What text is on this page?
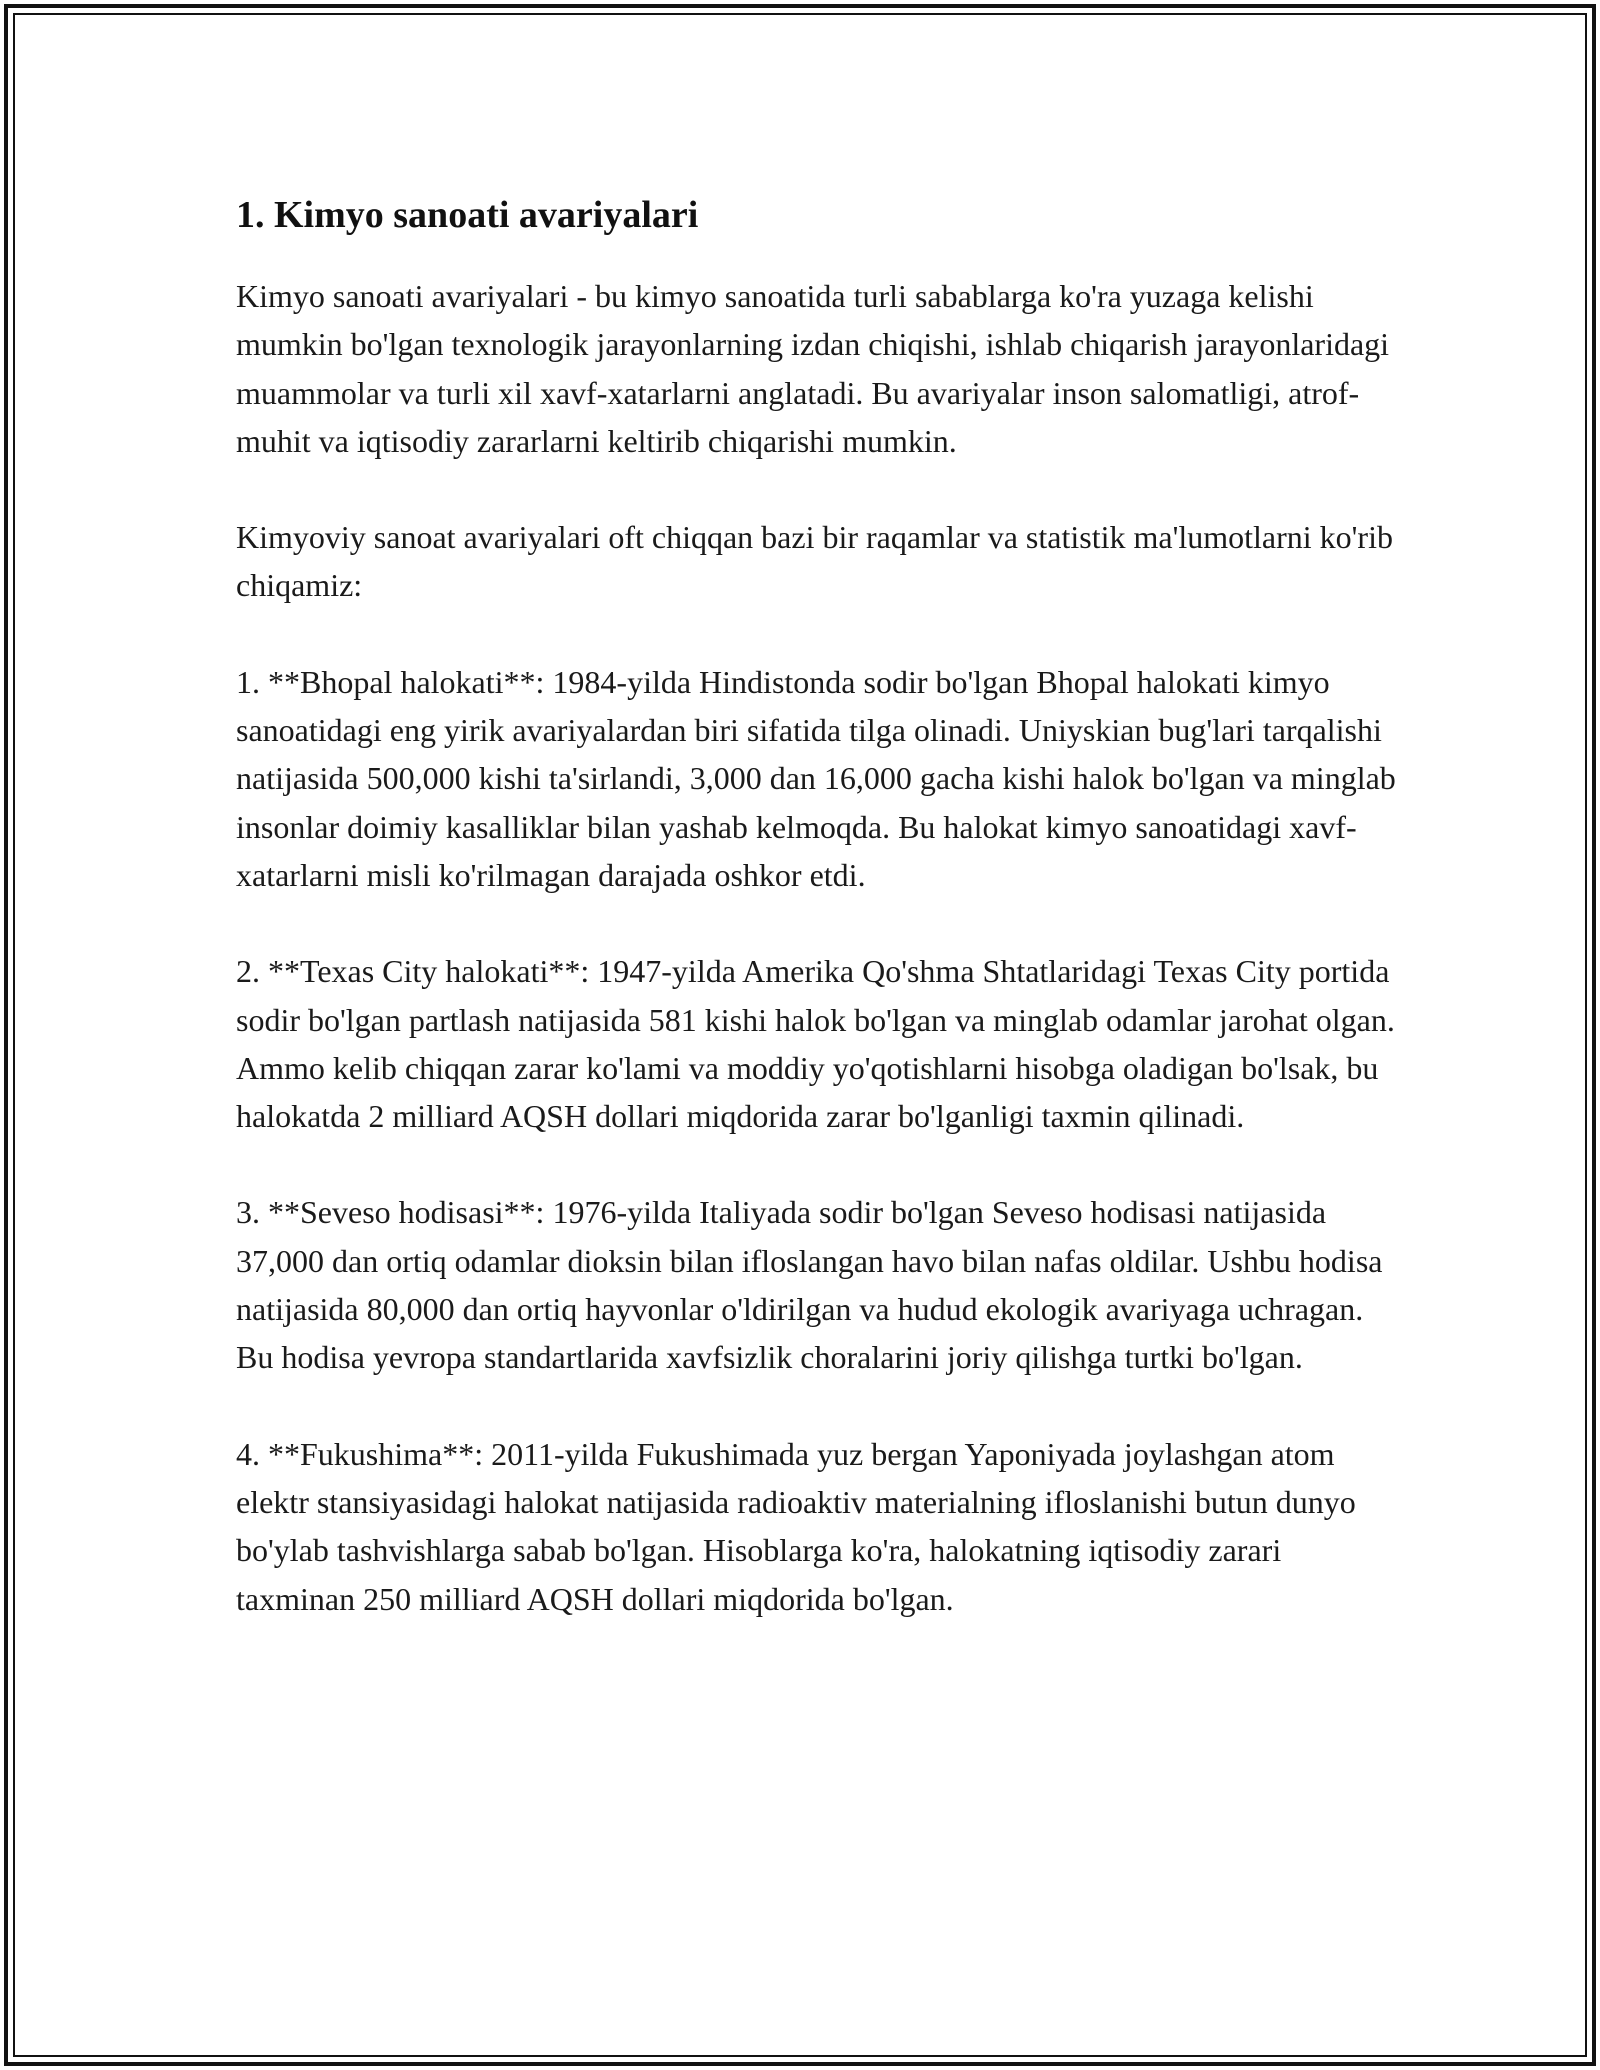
1. Kimyo sanoati avariyalari

Kimyo sanoati avariyalari - bu kimyo sanoatida turli sabablarga ko'ra yuzaga kelishi mumkin bo'lgan texnologik jarayonlarning izdan chiqishi, ishlab chiqarish jarayonlaridagi muammolar va turli xil xavf-xatarlarni anglatadi. Bu avariyalar inson salomatligi, atrof-muhit va iqtisodiy zararlarni keltirib chiqarishi mumkin.

Kimyoviy sanoat avariyalari oft chiqqan bazi bir raqamlar va statistik ma'lumotlarni ko'rib chiqamiz:

1. **Bhopal halokati**: 1984-yilda Hindistonda sodir bo'lgan Bhopal halokati kimyo sanoatidagi eng yirik avariyalardan biri sifatida tilga olinadi. Uniyskian bug'lari tarqalishi natijasida 500,000 kishi ta'sirlandi, 3,000 dan 16,000 gacha kishi halok bo'lgan va minglab insonlar doimiy kasalliklar bilan yashab kelmoqda. Bu halokat kimyo sanoatidagi xavf-xatarlarni misli ko'rilmagan darajada oshkor etdi.

2. **Texas City halokati**: 1947-yilda Amerika Qo'shma Shtatlaridagi Texas City portida sodir bo'lgan partlash natijasida 581 kishi halok bo'lgan va minglab odamlar jarohat olgan. Ammo kelib chiqqan zarar ko'lami va moddiy yo'qotishlarni hisobga oladigan bo'lsak, bu halokatda 2 milliard AQSH dollari miqdorida zarar bo'lganligi taxmin qilinadi.

3. **Seveso hodisasi**: 1976-yilda Italiyada sodir bo'lgan Seveso hodisasi natijasida 37,000 dan ortiq odamlar dioksin bilan ifloslangan havo bilan nafas oldilar. Ushbu hodisa natijasida 80,000 dan ortiq hayvonlar o'ldirilgan va hudud ekologik avariyaga uchragan. Bu hodisa yevropa standartlarida xavfsizlik choralarini joriy qilishga turtki bo'lgan.

4. **Fukushima**: 2011-yilda Fukushimada yuz bergan Yaponiyada joylashgan atom elektr stansiyasidagi halokat natijasida radioaktiv materialning ifloslanishi butun dunyo bo'ylab tashvishlarga sabab bo'lgan. Hisoblarga ko'ra, halokatning iqtisodiy zarari taxminan 250 milliard AQSH dollari miqdorida bo'lgan.
